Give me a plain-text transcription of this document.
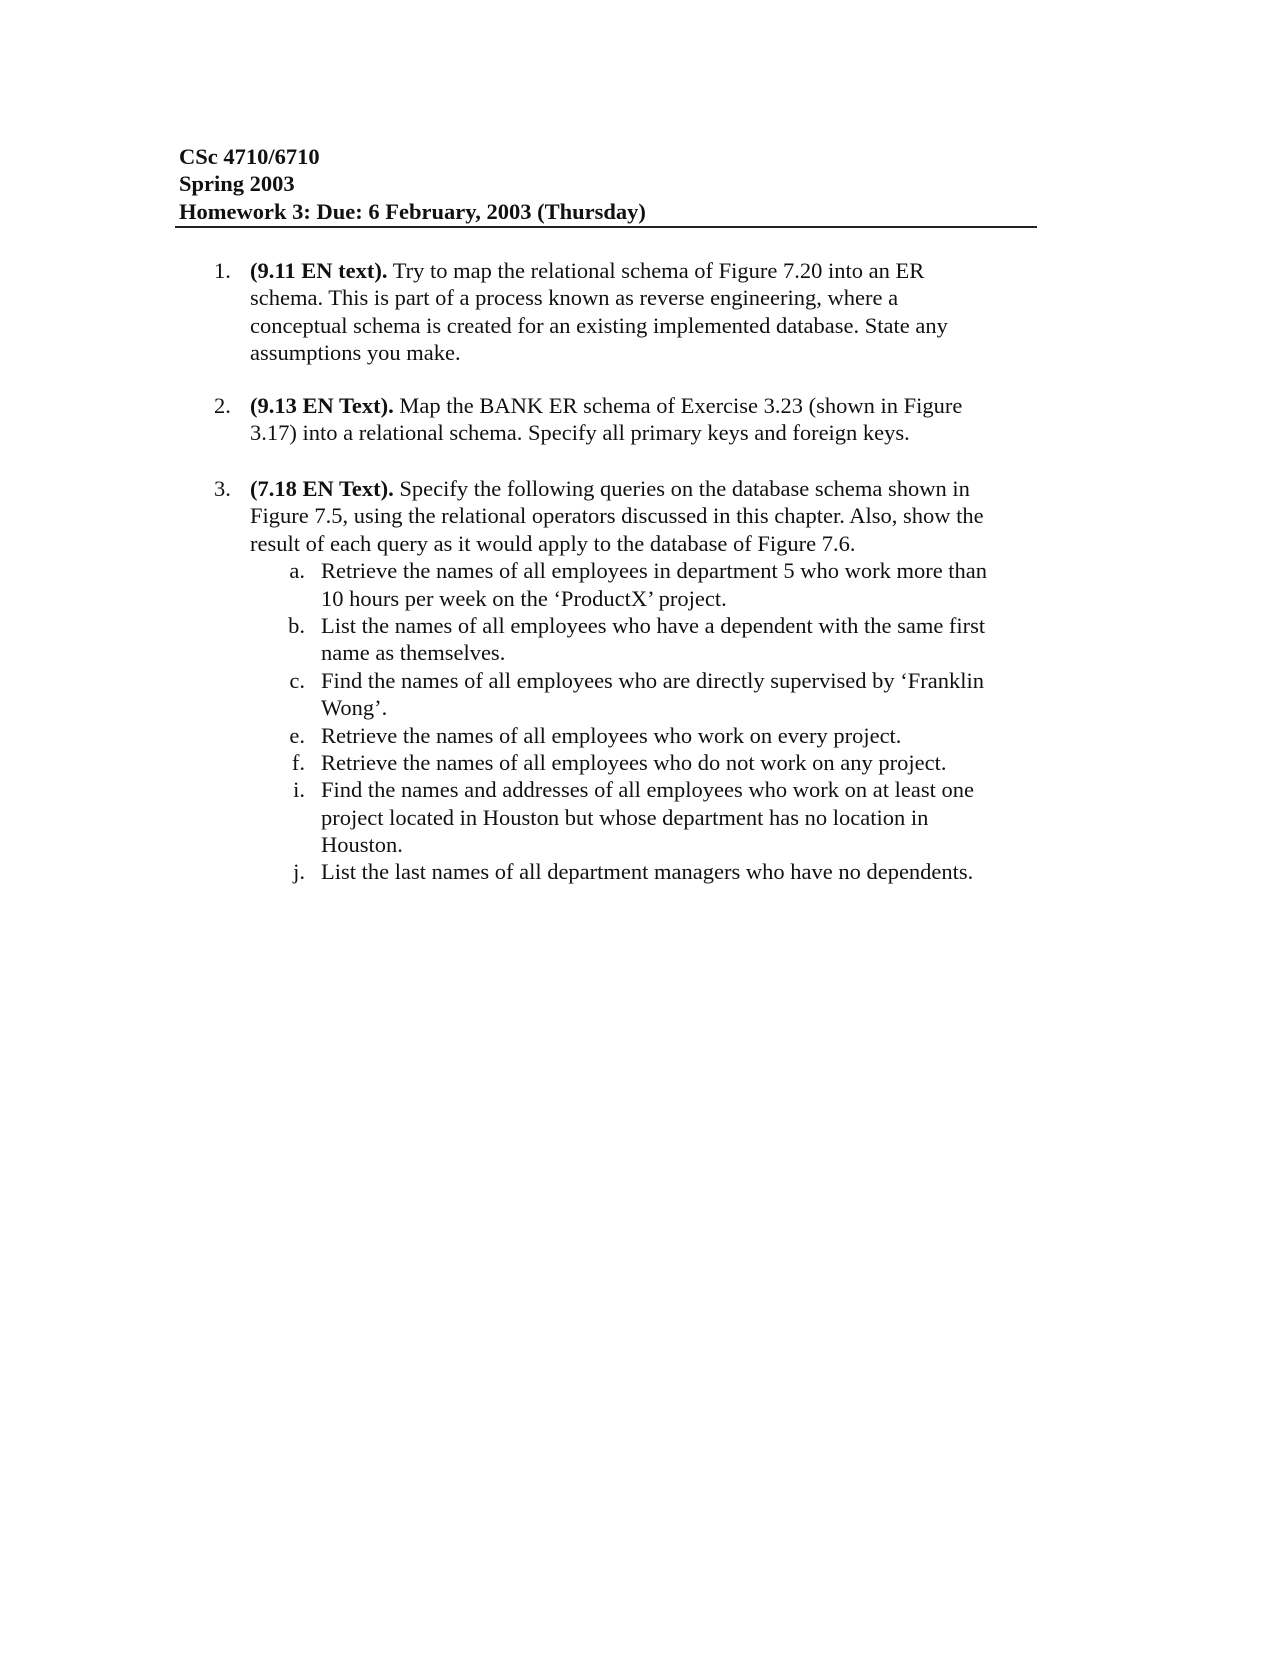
CSc 4710/6710
Spring 2003
Homework 3: Due: 6 February, 2003 (Thursday)
1. (9.11 EN text). Try to map the relational schema of Figure 7.20 into an ER
schema. This is part of a process known as reverse engineering, where a
conceptual schema is created for an existing implemented database. State any
assumptions you make.
2. (9.13 EN Text). Map the BANK ER schema of Exercise 3.23 (shown in Figure
3.17) into a relational schema. Specify all primary keys and foreign keys.
3. (7.18 EN Text). Specify the following queries on the database schema shown in
Figure 7.5, using the relational operators discussed in this chapter. Also, show the
result of each query as it would apply to the database of Figure 7.6.
a. Retrieve the names of all employees in department 5 who work more than
10 hours per week on the ‘ProductX’ project.
b. List the names of all employees who have a dependent with the same first
name as themselves.
c. Find the names of all employees who are directly supervised by ‘Franklin
Wong’.
e. Retrieve the names of all employees who work on every project.
f. Retrieve the names of all employees who do not work on any project.
i. Find the names and addresses of all employees who work on at least one
project located in Houston but whose department has no location in
Houston.
j. List the last names of all department managers who have no dependents.
